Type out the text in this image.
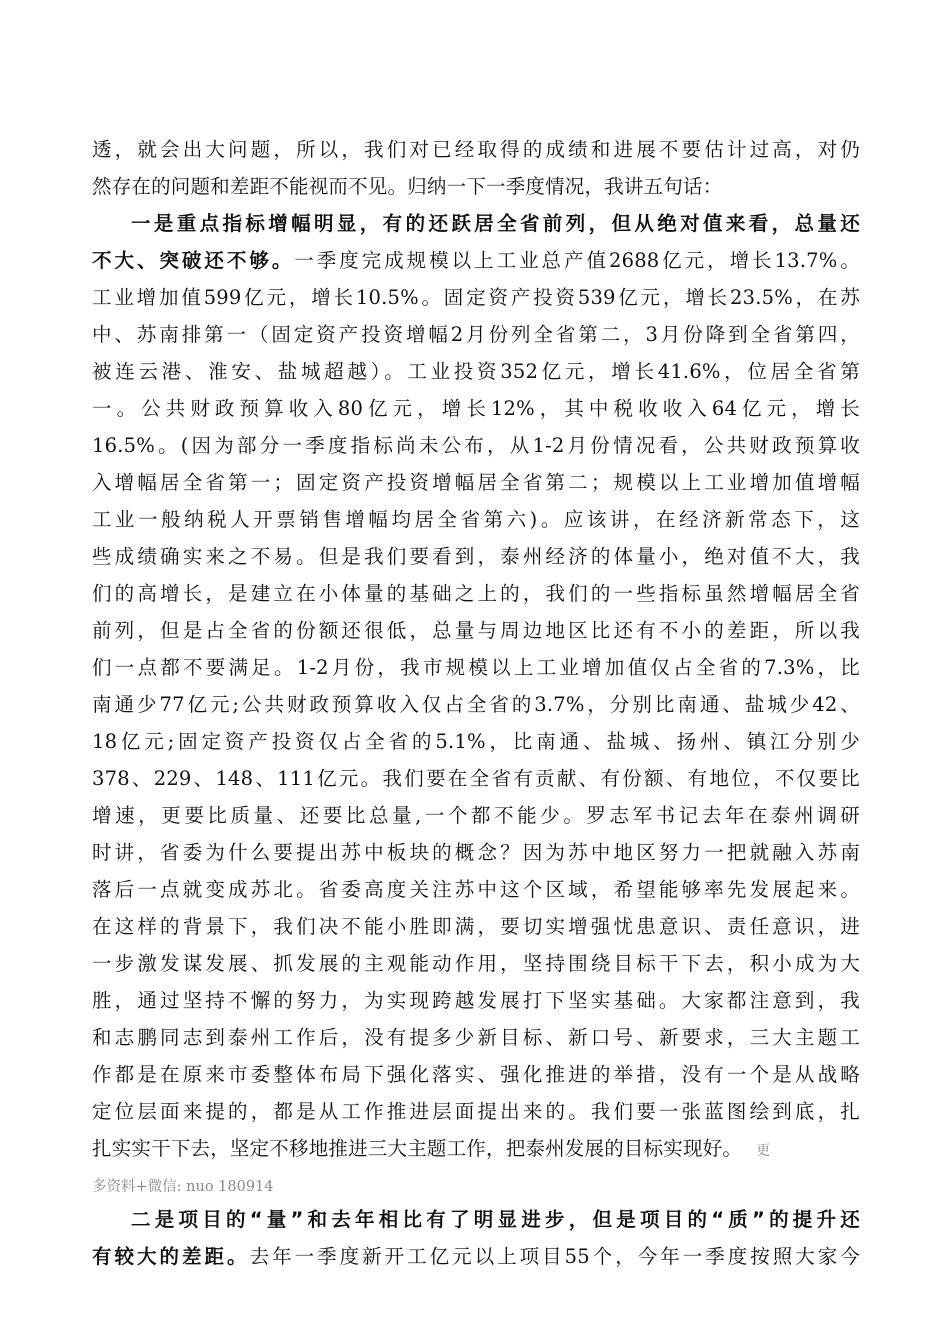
透，就会出大问题，所以，我们对已经取得的成绩和进展不要估计过高，对仍
然存在的问题和差距不能视而不见。归纳一下一季度情况，我讲五句话：
一是重点指标增幅明显，有的还跃居全省前列，但从绝对值来看，总量还
不大、突破还不够。一季度完成规模以上工业总产值2688亿元，增长13.7%。
工业增加值599亿元，增长10.5%。固定资产投资539亿元，增长23.5%，在苏
中、苏南排第一（固定资产投资增幅2月份列全省第二，3月份降到全省第四，
被连云港、淮安、盐城超越）。工业投资352亿元，增长41.6%，位居全省第
一。公共财政预算收入80亿元，增长12%，其中税收收入64亿元，增长
16.5%。(因为部分一季度指标尚未公布，从1-2月份情况看，公共财政预算收
入增幅居全省第一；固定资产投资增幅居全省第二；规模以上工业增加值增幅
工业一般纳税人开票销售增幅均居全省第六)。应该讲，在经济新常态下，这
些成绩确实来之不易。但是我们要看到，泰州经济的体量小，绝对值不大，我
们的高增长，是建立在小体量的基础之上的，我们的一些指标虽然增幅居全省
前列，但是占全省的份额还很低，总量与周边地区比还有不小的差距，所以我
们一点都不要满足。1-2月份，我市规模以上工业增加值仅占全省的7.3%，比
南通少77亿元;公共财政预算收入仅占全省的3.7%，分别比南通、盐城少42、
18亿元;固定资产投资仅占全省的5.1%，比南通、盐城、扬州、镇江分别少
378、229、148、111亿元。我们要在全省有贡献、有份额、有地位，不仅要比
增速，更要比质量、还要比总量,一个都不能少。罗志军书记去年在泰州调研
时讲，省委为什么要提出苏中板块的概念？因为苏中地区努力一把就融入苏南
落后一点就变成苏北。省委高度关注苏中这个区域，希望能够率先发展起来。
在这样的背景下，我们决不能小胜即满，要切实增强忧患意识、责任意识，进
一步激发谋发展、抓发展的主观能动作用，坚持围绕目标干下去，积小成为大
胜，通过坚持不懈的努力，为实现跨越发展打下坚实基础。大家都注意到，我
和志鹏同志到泰州工作后，没有提多少新目标、新口号、新要求，三大主题工
作都是在原来市委整体布局下强化落实、强化推进的举措，没有一个是从战略
定位层面来提的，都是从工作推进层面提出来的。我们要一张蓝图绘到底，扎
扎实实干下去，坚定不移地推进三大主题工作，把泰州发展的目标实现好。 更
多资料+微信: nuo 180914
二是项目的“量”和去年相比有了明显进步，但是项目的“质”的提升还
有较大的差距。去年一季度新开工亿元以上项目55个，今年一季度按照大家今
